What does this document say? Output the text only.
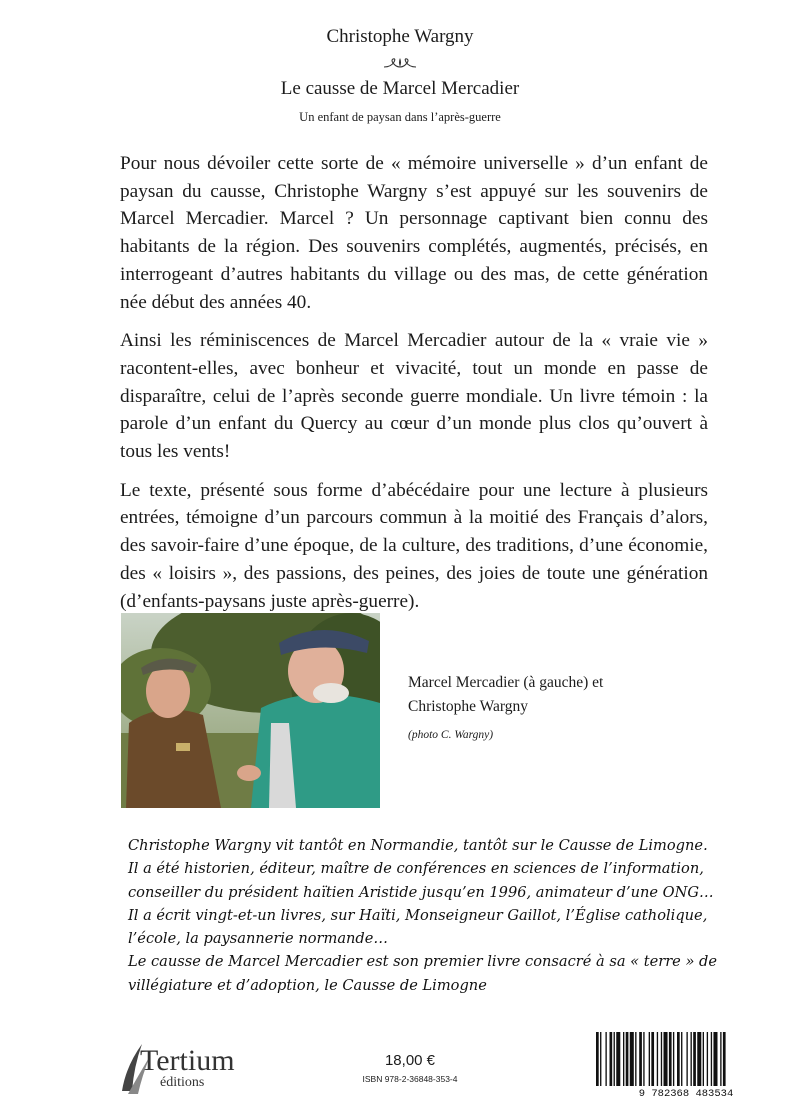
Christophe Wargny
Le causse de Marcel Mercadier
Un enfant de paysan dans l’après-guerre

Pour nous dévoiler cette sorte de « mémoire universelle » d’un enfant de paysan du causse, Christophe Wargny s’est appuyé sur les souvenirs de Marcel Mercadier. Marcel ? Un personnage captivant bien connu des habitants de la région. Des souvenirs complétés, augmentés, précisés, en interrogeant d’autres habitants du village ou des mas, de cette génération née début des années 40.

Ainsi les réminiscences de Marcel Mercadier autour de la « vraie vie » racontent-elles, avec bonheur et vivacité, tout un monde en passe de disparaître, celui de l’après seconde guerre mondiale. Un livre témoin : la parole d’un enfant du Quercy au cœur d’un monde plus clos qu’ouvert à tous les vents!

Le texte, présenté sous forme d’abécédaire pour une lecture à plusieurs entrées, témoigne d’un parcours commun à la moitié des Français d’alors, des savoir-faire d’une époque, de la culture, des traditions, d’une économie, des « loisirs », des passions, des peines, des joies de toute une génération (d’enfants-paysans juste après-guerre).

Marcel Mercadier (à gauche) et
Christophe Wargny
(photo C. Wargny)
Christophe Wargny vit tantôt en Normandie, tantôt sur le Causse de Limogne.
Il a été historien, éditeur, maître de conférences en sciences de l’information,
conseiller du président haïtien Aristide jusqu’en 1996, animateur d’une ONG…
Il a écrit vingt-et-un livres, sur Haïti, Monseigneur Gaillot, l’Église catholique,
l’école, la paysannerie normande…
Le causse de Marcel Mercadier est son premier livre consacré à sa « terre » de
villégiature et d’adoption, le Causse de Limogne
Tertium
éditions
18,00 €
ISBN 978-2-36848-353-4
9 782368 483534
